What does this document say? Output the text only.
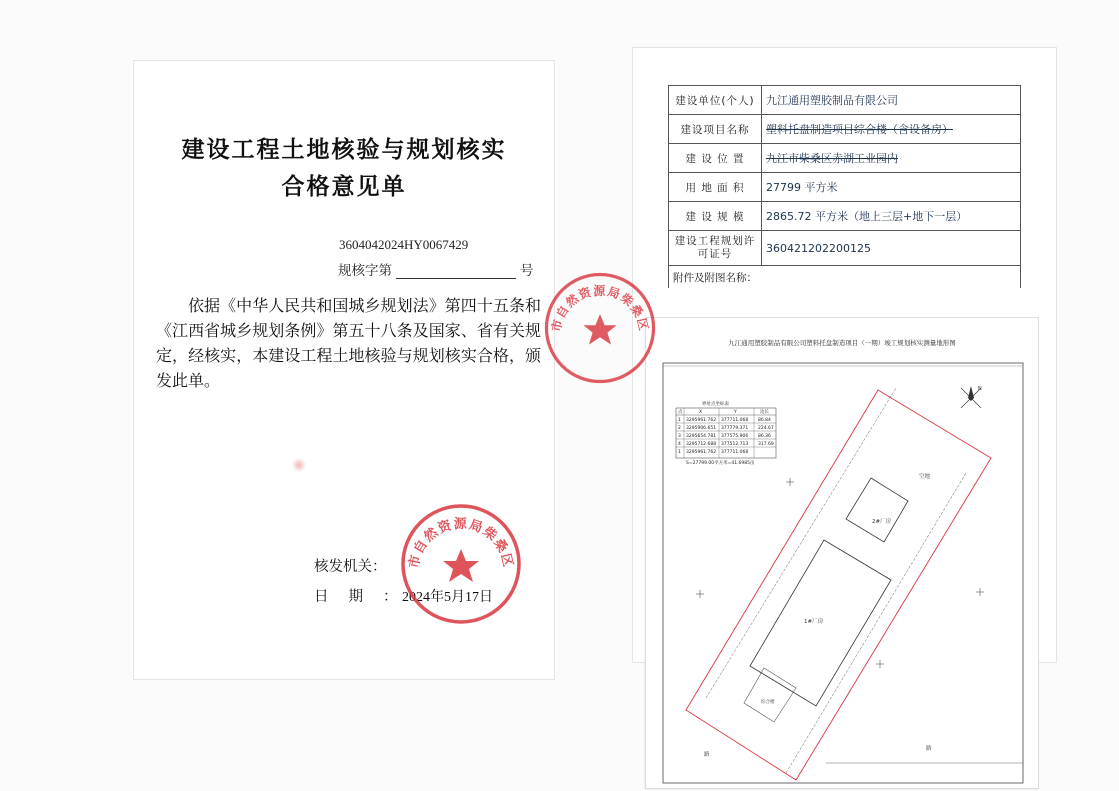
建设工程土地核验与规划核实
合格意见单
3604042024HY0067429
规核字第	号
依据《中华人民共和国城乡规划法》第四十五条和《江西省城乡规划条例》第五十八条及国家、省有关规定，经核实，本建设工程土地核验与规划核实合格，颁发此单。
核发机关：
日期：2024年5月17日
市自然资源局柴桑区
建设单位(个人)	九江通用塑胶制品有限公司
建设项目名称	塑料托盘制造项目综合楼（含设备房）
建 设 位 置	九江市柴桑区赤湖工业园内
用 地 面 积	27799 平方米
建 设 规 模	2865.72 平方米（地上三层+地下一层）
建设工程规划许可证号	360421202200125
附件及附图名称：	
九江通用塑胶制品有限公司塑料托盘制造项目（一期）竣工规划核实测量地形图
界址点坐标表
点	X	Y	边长
1 3295961.762 377711.068 86.84
2 3295906.651 377779.371 224.67
3 3295654.781 377575.906 86.36
4 3295712.688 377512.713 317.69
1 3295961.762 377711.068
S=27799.00平方米=41.6985亩
空地
2#厂房
1#厂房
综合楼
路
路
N
市自然资源局柴桑区
